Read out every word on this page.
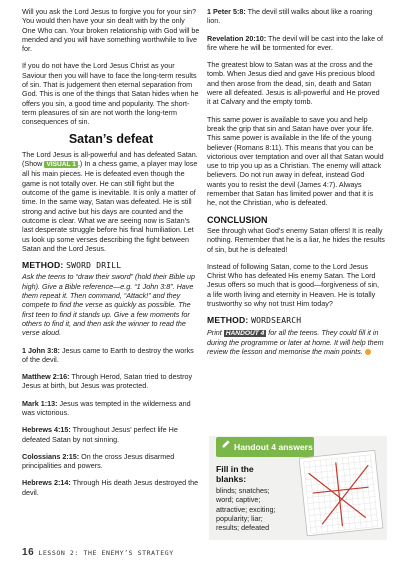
Will you ask the Lord Jesus to forgive you for your sin? You would then have your sin dealt with by the only One Who can. Your broken relationship with God will be mended and you will have something worthwhile to live for.

If you do not have the Lord Jesus Christ as your Saviour then you will have to face the long-term results of sin. That is judgement then eternal separation from God. This is one of the things that Satan hides when he offers you sin, a good time and popularity. The short-term pleasures of sin are not worth the long-term consequences of sin.

Satan’s defeat

The Lord Jesus is all-powerful and has defeated Satan. (Show VISUAL 1 .) In a chess game, a player may lose all his main pieces. He is defeated even though the game is not totally over. He can still fight but the outcome of the game is inevitable. It is only a matter of time. In the same way, Satan was defeated. He is still strong and active but his days are counted and the outcome is clear. What we are seeing now is Satan’s last desperate struggle before his final humiliation. Let us look up some verses describing the fight between Satan and the Lord Jesus.

METHOD: SWORD DRILL

Ask the teens to “draw their sword” (hold their Bible up high). Give a Bible reference—e.g. “1 John 3:8”. Have them repeat it. Then command, “Attack!” and they compete to find the verse as quickly as possible. The first teen to find it stands up. Give a few moments for others to find it, and then ask the winner to read the verse aloud.

1 John 3:8: Jesus came to Earth to destroy the works of the devil.

Matthew 2:16: Through Herod, Satan tried to destroy Jesus at birth, but Jesus was protected.

Mark 1:13: Jesus was tempted in the wilderness and was victorious.

Hebrews 4:15: Throughout Jesus’ perfect life He defeated Satan by not sinning.

Colossians 2:15: On the cross Jesus disarmed principalities and powers.

Hebrews 2:14: Through His death Jesus destroyed the devil.

1 Peter 5:8: The devil still walks about like a roaring lion.

Revelation 20:10: The devil will be cast into the lake of fire where he will be tormented for ever.

The greatest blow to Satan was at the cross and the tomb. When Jesus died and gave His precious blood and then arose from the dead, sin, death and Satan were all defeated. Jesus is all-powerful and He proved it at Calvary and the empty tomb.

This same power is available to save you and help break the grip that sin and Satan have over your life. This same power is available in the life of the young believer (Romans 8:11). This means that you can be victorious over temptation and over all that Satan would use to trip you up as a Christian. The enemy will attack believers. Do not run away in defeat, instead God wants you to resist the devil (James 4:7). Always remember that Satan has limited power and that it is he, not the Christian, who is defeated.

CONCLUSION

See through what God’s enemy Satan offers! It is really nothing. Remember that he is a liar, he hides the results of sin, but he is defeated!

Instead of following Satan, come to the Lord Jesus Christ Who has defeated His enemy Satan. The Lord Jesus offers so much that is good—forgiveness of sin, a life worth living and eternity in Heaven. He is totally trustworthy so why not trust Him today?

METHOD: WORDSEARCH

Print HANDOUT 4 for all the teens. They could fill it in during the programme or later at home. It will help them review the lesson and memorise the main points.

Handout 4 answers
Fill in the blanks:
blinds; snatches; word; captive; attractive; exciting; popularity; liar; results; defeated
16 LESSON 2: THE ENEMY’S STRATEGY
